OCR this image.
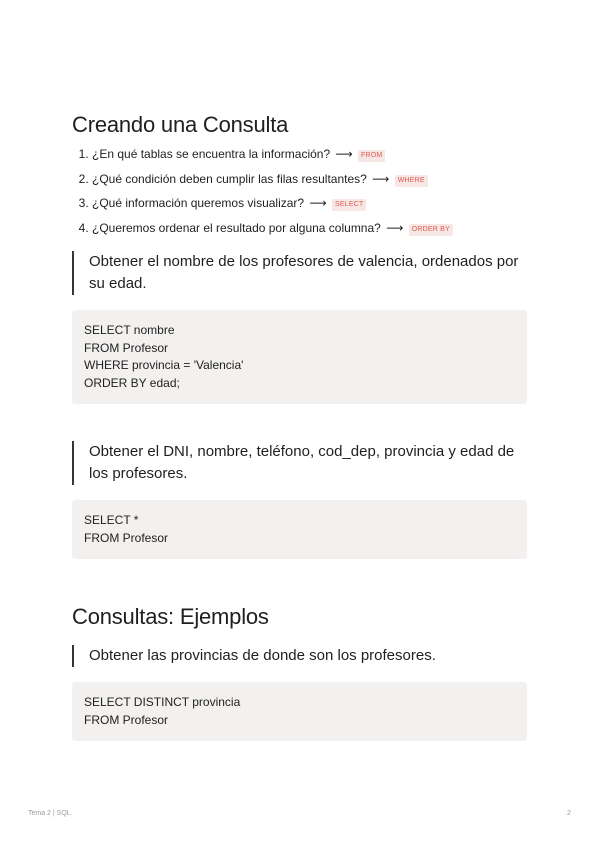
Creando una Consulta
1. ¿En qué tablas se encuentra la información? ⟶ FROM
2. ¿Qué condición deben cumplir las filas resultantes? ⟶ WHERE
3. ¿Qué información queremos visualizar? ⟶ SELECT
4. ¿Queremos ordenar el resultado por alguna columna? ⟶ ORDER BY
Obtener el nombre de los profesores de valencia, ordenados por su edad.
SELECT nombre
FROM Profesor
WHERE provincia = 'Valencia'
ORDER BY edad;
Obtener el DNI, nombre, teléfono, cod_dep, provincia y edad de los profesores.
SELECT *
FROM Profesor
Consultas: Ejemplos
Obtener las provincias de donde son los profesores.
SELECT DISTINCT provincia
FROM Profesor
Tema 2 | SQL	2
